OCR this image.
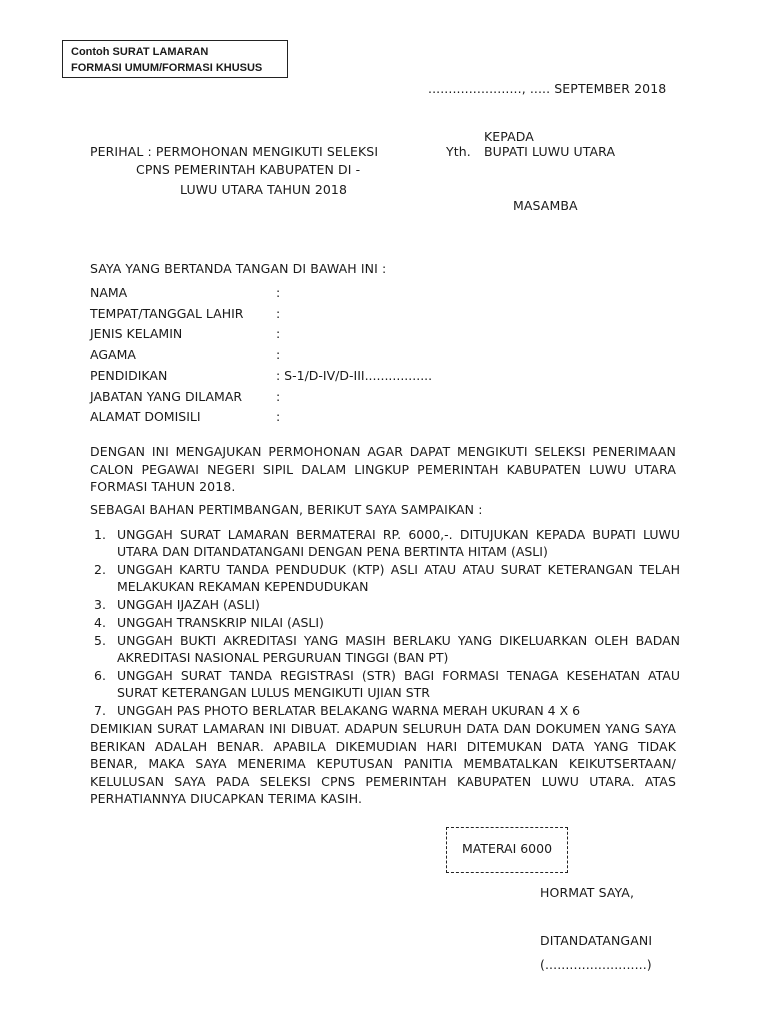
Contoh SURAT LAMARAN
FORMASI UMUM/FORMASI KHUSUS
......................., ..... SEPTEMBER 2018
PERIHAL : PERMOHONAN MENGIKUTI SELEKSI
CPNS PEMERINTAH KABUPATEN DI -
LUWU UTARA TAHUN 2018
KEPADA
Yth. BUPATI LUWU UTARA
MASAMBA
SAYA YANG BERTANDA TANGAN DI BAWAH INI :
NAMA	:
TEMPAT/TANGGAL LAHIR	:
JENIS KELAMIN	:
AGAMA	:
PENDIDIKAN	: S-1/D-IV/D-III.................
JABATAN YANG DILAMAR	:
ALAMAT DOMISILI	:
DENGAN INI MENGAJUKAN PERMOHONAN AGAR DAPAT MENGIKUTI SELEKSI PENERIMAAN CALON PEGAWAI NEGERI SIPIL DALAM LINGKUP PEMERINTAH KABUPATEN LUWU UTARA FORMASI TAHUN 2018.
SEBAGAI BAHAN PERTIMBANGAN, BERIKUT SAYA SAMPAIKAN :
1. UNGGAH SURAT LAMARAN BERMATERAI RP. 6000,-. DITUJUKAN KEPADA BUPATI LUWU UTARA DAN DITANDATANGANI DENGAN PENA BERTINTA HITAM (ASLI)
2. UNGGAH KARTU TANDA PENDUDUK (KTP) ASLI ATAU ATAU SURAT KETERANGAN TELAH MELAKUKAN REKAMAN KEPENDUDUKAN
3. UNGGAH IJAZAH (ASLI)
4. UNGGAH TRANSKRIP NILAI (ASLI)
5. UNGGAH BUKTI AKREDITASI YANG MASIH BERLAKU YANG DIKELUARKAN OLEH BADAN AKREDITASI NASIONAL PERGURUAN TINGGI (BAN PT)
6. UNGGAH SURAT TANDA REGISTRASI (STR) BAGI FORMASI TENAGA KESEHATAN ATAU SURAT KETERANGAN LULUS MENGIKUTI UJIAN STR
7. UNGGAH PAS PHOTO BERLATAR BELAKANG WARNA MERAH UKURAN 4 X 6
DEMIKIAN SURAT LAMARAN INI DIBUAT. ADAPUN SELURUH DATA DAN DOKUMEN YANG SAYA BERIKAN ADALAH BENAR. APABILA DIKEMUDIAN HARI DITEMUKAN DATA YANG TIDAK BENAR, MAKA SAYA MENERIMA KEPUTUSAN PANITIA MEMBATALKAN KEIKUTSERTAAN/ KELULUSAN SAYA PADA SELEKSI CPNS PEMERINTAH KABUPATEN LUWU UTARA. ATAS PERHATIANNYA DIUCAPKAN TERIMA KASIH.
MATERAI 6000
HORMAT SAYA,
DITANDATANGANI
(.........................)
